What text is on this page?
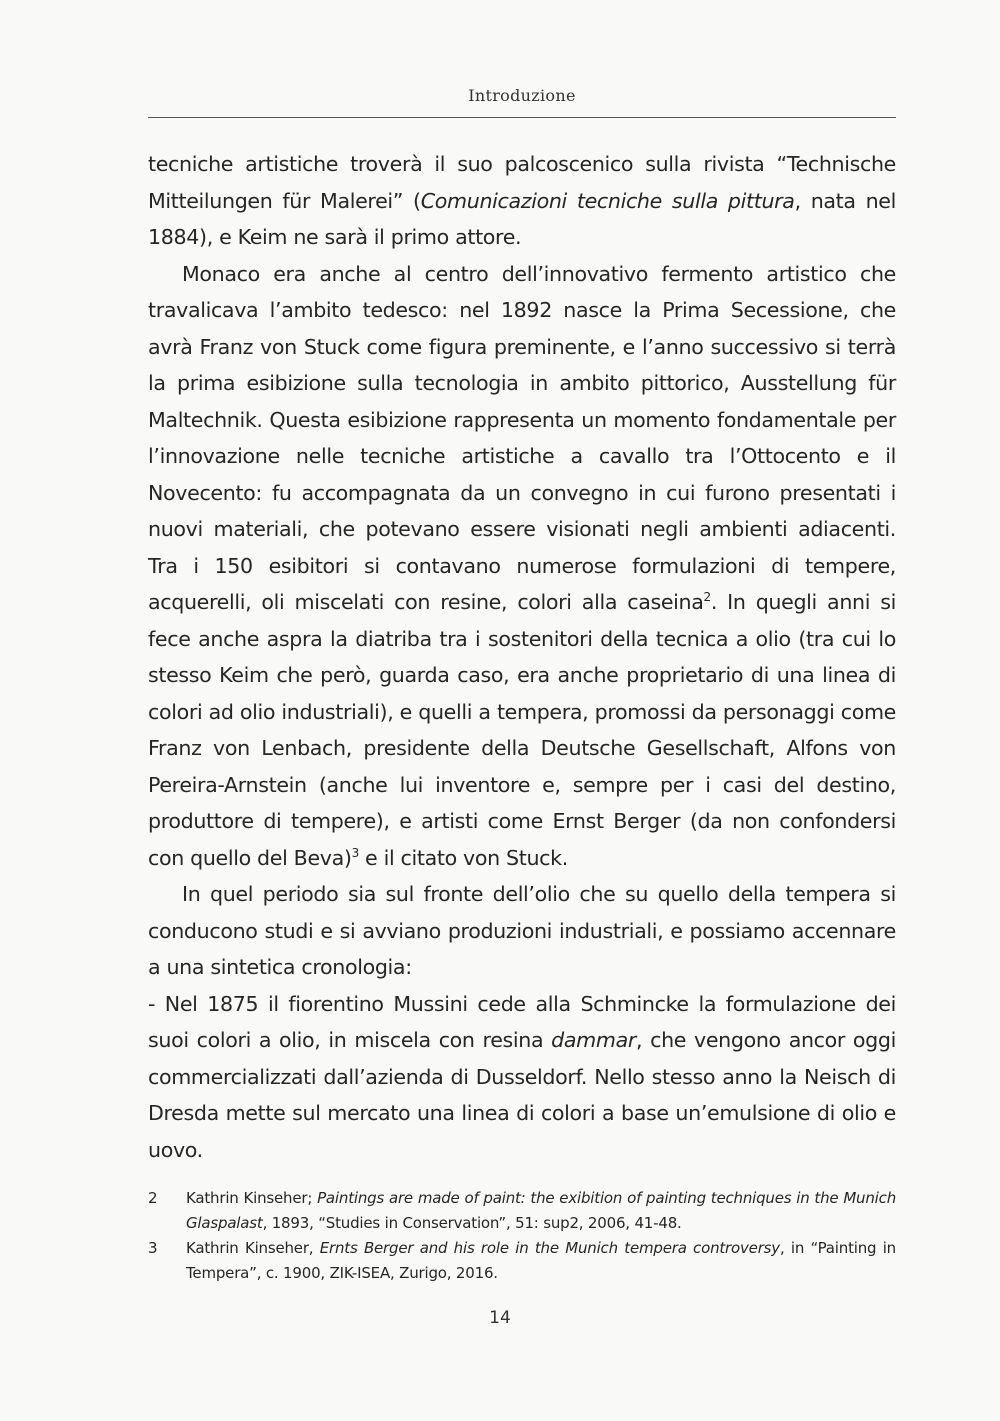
Introduzione

tecniche artistiche troverà il suo palcoscenico sulla rivista “Technische Mitteilungen für Malerei” (Comunicazioni tecniche sulla pittura, nata nel 1884), e Keim ne sarà il primo attore.

Monaco era anche al centro dell’innovativo fermento artistico che travalicava l’ambito tedesco: nel 1892 nasce la Prima Secessione, che avrà Franz von Stuck come figura preminente, e l’anno successivo si terrà la prima esibizione sulla tecnologia in ambito pittorico, Ausstellung für Maltechnik. Questa esibizione rappresenta un momento fondamentale per l’innovazione nelle tecniche artistiche a cavallo tra l’Ottocento e il Novecento: fu accompagnata da un convegno in cui furono presentati i nuovi materiali, che potevano essere visionati negli ambienti adiacenti. Tra i 150 esibitori si contavano numerose formulazioni di tempere, acquerelli, oli miscelati con resine, colori alla caseina$^2$. In quegli anni si fece anche aspra la diatriba tra i sostenitori della tecnica a olio (tra cui lo stesso Keim che però, guarda caso, era anche proprietario di una linea di colori ad olio industriali), e quelli a tempera, promossi da personaggi come Franz von Lenbach, presidente della Deutsche Gesellschaft, Alfons von Pereira-Arnstein (anche lui inventore e, sempre per i casi del destino, produttore di tempere), e artisti come Ernst Berger (da non confondersi con quello del Beva)$^3$ e il citato von Stuck.

In quel periodo sia sul fronte dell’olio che su quello della tempera si conducono studi e si avviano produzioni industriali, e possiamo accennare a una sintetica cronologia:

- Nel 1875 il fiorentino Mussini cede alla Schmincke la formulazione dei suoi colori a olio, in miscela con resina dammar, che vengono ancor oggi commercializzati dall’azienda di Dusseldorf. Nello stesso anno la Neisch di Dresda mette sul mercato una linea di colori a base un’emulsione di olio e uovo.

2 Kathrin Kinseher; Paintings are made of paint: the exibition of painting techniques in the Munich Glaspalast, 1893, “Studies in Conservation”, 51: sup2, 2006, 41-48.
3 Kathrin Kinseher, Ernts Berger and his role in the Munich tempera controversy, in “Painting in Tempera”, c. 1900, ZIK-ISEA, Zurigo, 2016.
14
